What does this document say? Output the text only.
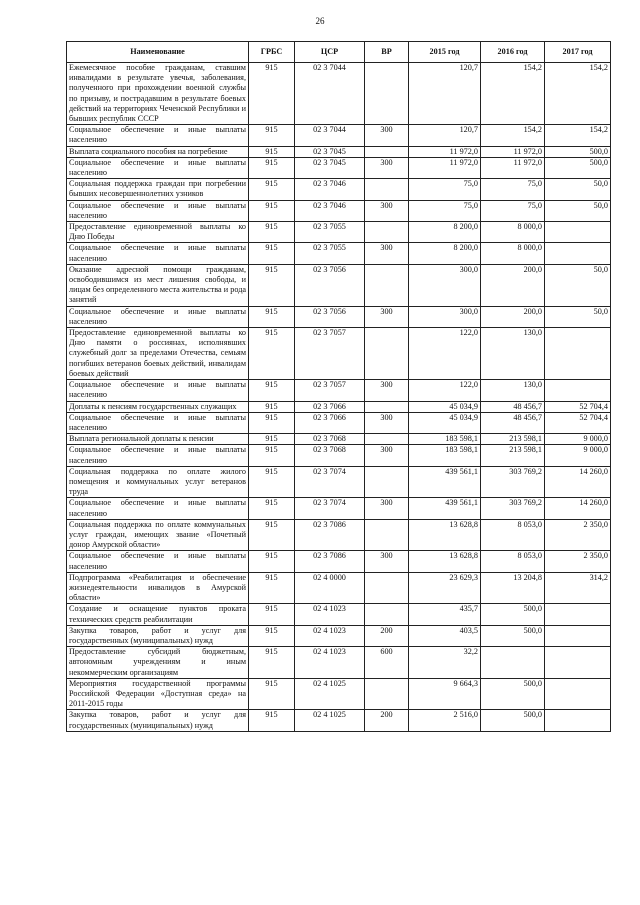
26
Наименование	ГРБС	ЦСР	ВР	2015 год	2016 год	2017 год
Ежемесячное пособие гражданам, ставшим инвалидами в результате увечья, заболевания, полученного при прохождении военной службы по призыву, и пострадавшим в результате боевых действий на территориях Чеченской Республики и бывших республик СССР	915	02 3 7044		120,7	154,2	154,2
Социальное обеспечение и иные выплаты населению	915	02 3 7044	300	120,7	154,2	154,2
Выплата социального пособия на погребение	915	02 3 7045		11 972,0	11 972,0	500,0
Социальное обеспечение и иные выплаты населению	915	02 3 7045	300	11 972,0	11 972,0	500,0
Социальная поддержка граждан при погребении бывших несовершеннолетних узников	915	02 3 7046		75,0	75,0	50,0
Социальное обеспечение и иные выплаты населению	915	02 3 7046	300	75,0	75,0	50,0
Предоставление единовременной выплаты ко Дню Победы	915	02 3 7055		8 200,0	8 000,0	
Социальное обеспечение и иные выплаты населению	915	02 3 7055	300	8 200,0	8 000,0	
Оказание адресной помощи гражданам, освободившимся из мест лишения свободы, и лицам без определенного места жительства и рода занятий	915	02 3 7056		300,0	200,0	50,0
Социальное обеспечение и иные выплаты населению	915	02 3 7056	300	300,0	200,0	50,0
Предоставление единовременной выплаты ко Дню памяти о россиянах, исполнявших служебный долг за пределами Отечества, семьям погибших ветеранов боевых действий, инвалидам боевых действий	915	02 3 7057		122,0	130,0	
Социальное обеспечение и иные выплаты населению	915	02 3 7057	300	122,0	130,0	
Доплаты к пенсиям государственных служащих	915	02 3 7066		45 034,9	48 456,7	52 704,4
Социальное обеспечение и иные выплаты населению	915	02 3 7066	300	45 034,9	48 456,7	52 704,4
Выплата региональной доплаты к пенсии	915	02 3 7068		183 598,1	213 598,1	9 000,0
Социальное обеспечение и иные выплаты населению	915	02 3 7068	300	183 598,1	213 598,1	9 000,0
Социальная поддержка по оплате жилого помещения и коммунальных услуг ветеранов труда	915	02 3 7074		439 561,1	303 769,2	14 260,0
Социальное обеспечение и иные выплаты населению	915	02 3 7074	300	439 561,1	303 769,2	14 260,0
Социальная поддержка по оплате коммунальных услуг граждан, имеющих звание «Почетный донор Амурской области»	915	02 3 7086		13 628,8	8 053,0	2 350,0
Социальное обеспечение и иные выплаты населению	915	02 3 7086	300	13 628,8	8 053,0	2 350,0
Подпрограмма «Реабилитация и обеспечение жизнедеятельности инвалидов в Амурской области»	915	02 4 0000		23 629,3	13 204,8	314,2
Создание и оснащение пунктов проката технических средств реабилитации	915	02 4 1023		435,7	500,0	
Закупка товаров, работ и услуг для государственных (муниципальных) нужд	915	02 4 1023	200	403,5	500,0	
Предоставление субсидий бюджетным, автономным учреждениям и иным некоммерческим организациям	915	02 4 1023	600	32,2		
Мероприятия государственной программы Российской Федерации «Доступная среда» на 2011-2015 годы	915	02 4 1025		9 664,3	500,0	
Закупка товаров, работ и услуг для государственных (муниципальных) нужд	915	02 4 1025	200	2 516,0	500,0	
